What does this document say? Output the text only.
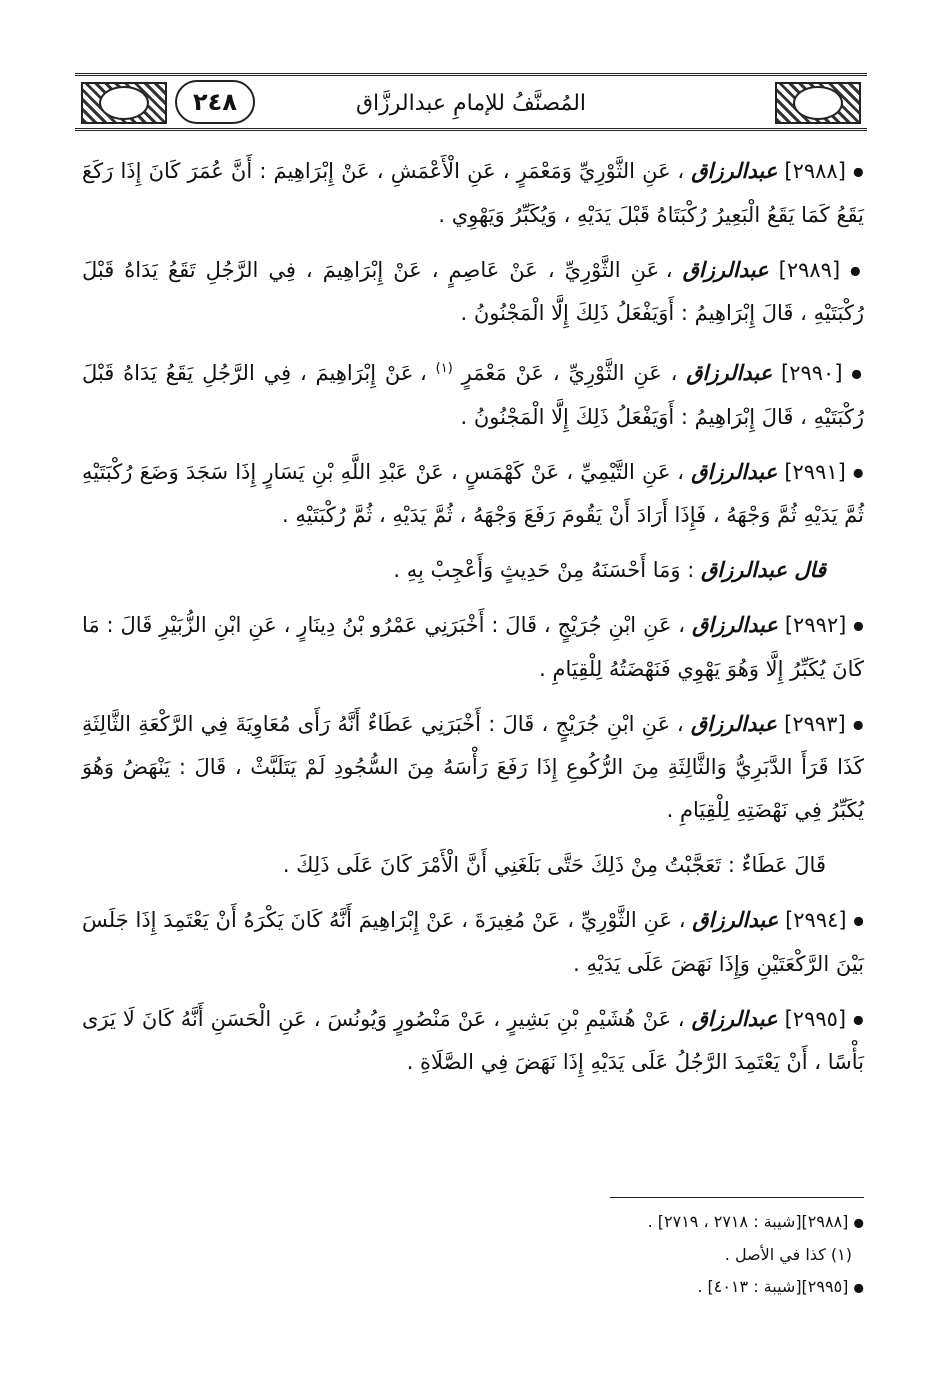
المُصنَّفُ للإمامِ عبدالرزَّاق
٢٤٨

● [٢٩٨٨] عبدالرزاق ، عَنِ الثَّوْرِيِّ وَمَعْمَرٍ ، عَنِ الْأَعْمَشِ ، عَنْ إِبْرَاهِيمَ : أَنَّ عُمَرَ كَانَ إِذَا رَكَعَ يَقَعُ كَمَا يَقَعُ الْبَعِيرُ رُكْبَتَاهُ قَبْلَ يَدَيْهِ ، وَيُكَبِّرُ وَيَهْوِي .

● [٢٩٨٩] عبدالرزاق ، عَنِ الثَّوْرِيِّ ، عَنْ عَاصِمٍ ، عَنْ إِبْرَاهِيمَ ، فِي الرَّجُلِ تَقَعُ يَدَاهُ قَبْلَ رُكْبَتَيْهِ ، قَالَ إِبْرَاهِيمُ : أَوَيَفْعَلُ ذَلِكَ إِلَّا الْمَجْنُونُ .

● [٢٩٩٠] عبدالرزاق ، عَنِ الثَّوْرِيِّ ، عَنْ مَعْمَرٍ $^{(١)}$ ، عَنْ إِبْرَاهِيمَ ، فِي الرَّجُلِ يَقَعُ يَدَاهُ قَبْلَ رُكْبَتَيْهِ ، قَالَ إِبْرَاهِيمُ : أَوَيَفْعَلُ ذَلِكَ إِلَّا الْمَجْنُونُ .

● [٢٩٩١] عبدالرزاق ، عَنِ التَّيْمِيِّ ، عَنْ كَهْمَسٍ ، عَنْ عَبْدِ اللَّهِ بْنِ يَسَارٍ إِذَا سَجَدَ وَضَعَ رُكْبَتَيْهِ ثُمَّ يَدَيْهِ ثُمَّ وَجْهَهُ ، فَإِذَا أَرَادَ أَنْ يَقُومَ رَفَعَ وَجْهَهُ ، ثُمَّ يَدَيْهِ ، ثُمَّ رُكْبَتَيْهِ .

قال عبدالرزاق : وَمَا أَحْسَنَهُ مِنْ حَدِيثٍ وَأَعْجِبْ بِهِ .

● [٢٩٩٢] عبدالرزاق ، عَنِ ابْنِ جُرَيْجٍ ، قَالَ : أَخْبَرَنِي عَمْرُو بْنُ دِينَارٍ ، عَنِ ابْنِ الزُّبَيْرِ قَالَ : مَا كَانَ يُكَبِّرُ إِلَّا وَهُوَ يَهْوِي فَنَهْضَتُهُ لِلْقِيَامِ .

● [٢٩٩٣] عبدالرزاق ، عَنِ ابْنِ جُرَيْجٍ ، قَالَ : أَخْبَرَنِي عَطَاءٌ أَنَّهُ رَأَى مُعَاوِيَةَ فِي الرَّكْعَةِ الثَّالِثَةِ كَذَا قَرَأَ الدَّبَرِيُّ وَالثَّالِثَةِ مِنَ الرُّكُوعِ إِذَا رَفَعَ رَأْسَهُ مِنَ السُّجُودِ لَمْ يَتَلَبَّثْ ، قَالَ : يَنْهَضُ وَهُوَ يُكَبِّرُ فِي نَهْضَتِهِ لِلْقِيَامِ .

قَالَ عَطَاءٌ : تَعَجَّبْتُ مِنْ ذَلِكَ حَتَّى بَلَغَنِي أَنَّ الْأَمْرَ كَانَ عَلَى ذَلِكَ .

● [٢٩٩٤] عبدالرزاق ، عَنِ الثَّوْرِيِّ ، عَنْ مُغِيرَةَ ، عَنْ إِبْرَاهِيمَ أَنَّهُ كَانَ يَكْرَهُ أَنْ يَعْتَمِدَ إِذَا جَلَسَ بَيْنَ الرَّكْعَتَيْنِ وَإِذَا نَهَضَ عَلَى يَدَيْهِ .

● [٢٩٩٥] عبدالرزاق ، عَنْ هُشَيْمِ بْنِ بَشِيرٍ ، عَنْ مَنْصُورٍ وَيُونُسَ ، عَنِ الْحَسَنِ أَنَّهُ كَانَ لَا يَرَى بَأْسًا ، أَنْ يَعْتَمِدَ الرَّجُلُ عَلَى يَدَيْهِ إِذَا نَهَضَ فِي الصَّلَاةِ .

● [٢٩٨٨][شيبة : ٢٧١٨ ، ٢٧١٩] .
(١) كذا في الأصل .
● [٢٩٩٥][شيبة : ٤٠١٣] .
